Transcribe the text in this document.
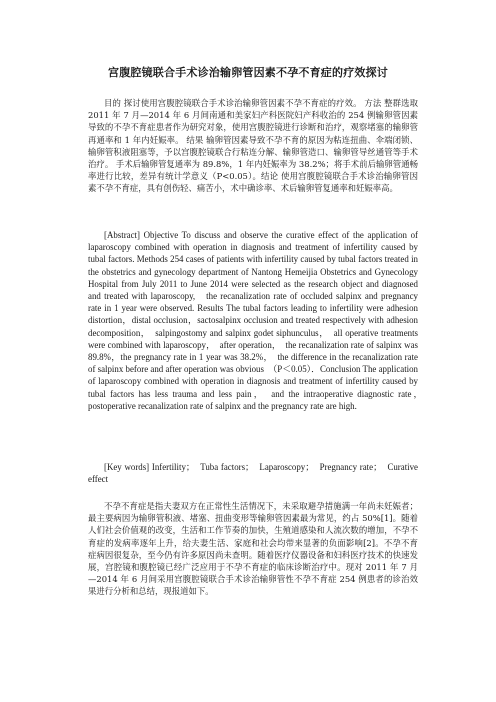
宫腹腔镜联合手术诊治输卵管因素不孕不育症的疗效探讨

目的 探讨使用宫腹腔镜联合手术诊治输卵管因素不孕不育症的疗效。 方法 整群选取 2011 年 7 月—2014 年 6 月间南通和美家妇产科医院妇产科收治的 254 例输卵管因素导致的不孕不育症患者作为研究对象，使用宫腹腔镜进行诊断和治疗，观察堵塞的输卵管再通率和 1 年内妊娠率。 结果 输卵管因素导致不孕不育的原因为粘连扭曲、伞端闭锁、输卵管积液阻塞等，予以宫腹腔镜联合行粘连分解、输卵管造口、输卵管导丝通管等手术治疗。 手术后输卵管复通率为 89.8%，1 年内妊娠率为 38.2%；将手术前后输卵管通畅率进行比较，差异有统计学意义（P<0.05）。结论 使用宫腹腔镜联合手术诊治输卵管因素不孕不育症，具有创伤轻、痛苦小，术中确诊率、术后输卵管复通率和妊娠率高。

[Abstract] Objective To discuss and observe the curative effect of the application of laparoscopy combined with operation in diagnosis and treatment of infertility caused by tubal factors. Methods 254 cases of patients with infertility caused by tubal factors treated in the obstetrics and gynecology department of Nantong Hemeijia Obstetrics and Gynecology Hospital from July 2011 to June 2014 were selected as the research object and diagnosed and treated with laparoscopy,　the recanalization rate of occluded salpinx and pregnancy rate in 1 year were observed. Results The tubal factors leading to infertility were adhesion distortion，distal occlusion，sactosalpinx occlusion and treated respectively with adhesion decomposition，　salpingostomy and salpinx godet siphunculus，　all operative treatments were combined with laparoscopy，　after operation，　the recanalization rate of salpinx was 89.8%，the pregnancy rate in 1 year was 38.2%，　the difference in the recanalization rate of salpinx before and after operation was obvious　（P＜0.05）．Conclusion The application of laparoscopy combined with operation in diagnosis and treatment of infertility caused by tubal factors has less trauma and less pain，　and the intraoperative diagnostic rate，　postoperative recanalization rate of salpinx and the pregnancy rate are high.

[Key words] Infertility；　Tuba factors；　Laparoscopy；　Pregnancy rate；　Curative effect

不孕不育症是指夫妻双方在正常性生活情况下，未采取避孕措施满一年尚未妊娠者；最主要病因为输卵管积液、堵塞、扭曲变形等输卵管因素最为常见，约占 50%[1]。随着人们社会价值观的改变，生活和工作节奏的加快，生殖道感染和人流次数的增加，不孕不育症的发病率逐年上升，给夫妻生活、家庭和社会均带来显著的负面影响[2]。不孕不育症病因很复杂，至今仍有许多原因尚未查明。随着医疗仪器设备和妇科医疗技术的快速发展，宫腔镜和腹腔镜已经广泛应用于不孕不育症的临床诊断治疗中。现对 2011 年 7 月—2014 年 6 月间采用宫腹腔镜联合手术诊治输卵管性不孕不育症 254 例患者的诊治效果进行分析和总结，现报道如下。
